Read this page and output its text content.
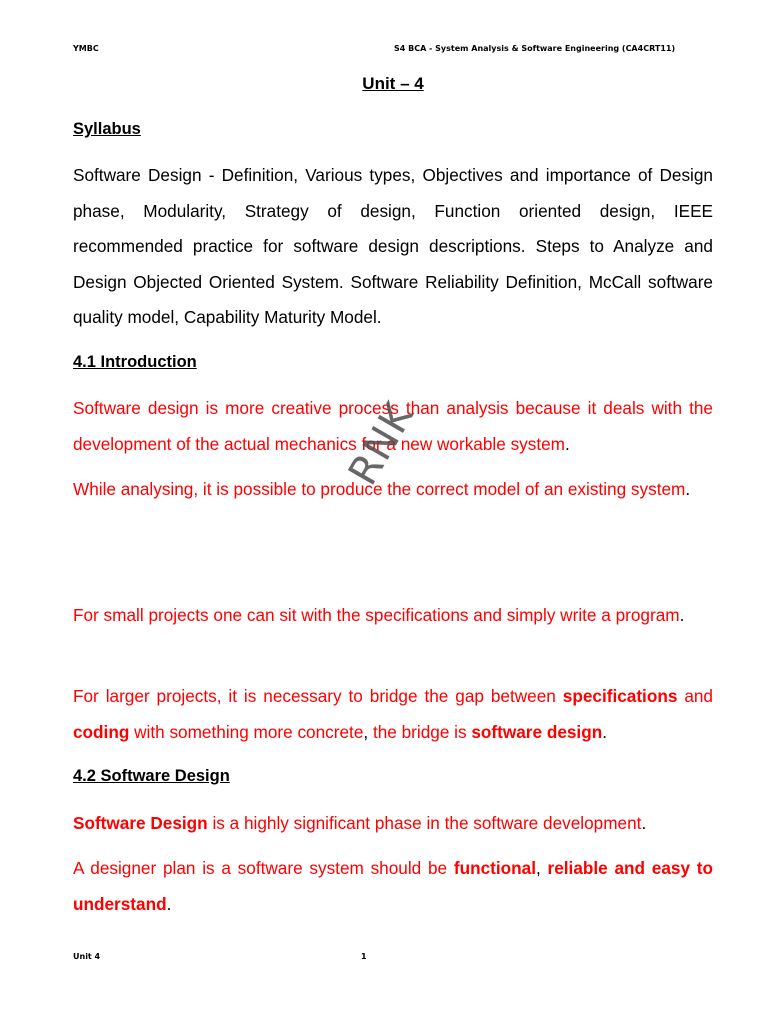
YMBC	S4 BCA - System Analysis & Software Engineering (CA4CRT11)
Unit – 4
Syllabus
Software Design - Definition, Various types, Objectives and importance of Design phase, Modularity, Strategy of design, Function oriented design, IEEE recommended practice for software design descriptions. Steps to Analyze and Design Objected Oriented System. Software Reliability Definition, McCall software quality model, Capability Maturity Model.
4.1 Introduction
Software design is more creative process than analysis because it deals with the development of the actual mechanics for a new workable system.
While analysing, it is possible to produce the correct model of an existing system.
For small projects one can sit with the specifications and simply write a program.
For larger projects, it is necessary to bridge the gap between specifications and coding with something more concrete, the bridge is software design.
4.2 Software Design
Software Design is a highly significant phase in the software development.
A designer plan is a software system should be functional, reliable and easy to understand.
RNK
Unit 4	1
